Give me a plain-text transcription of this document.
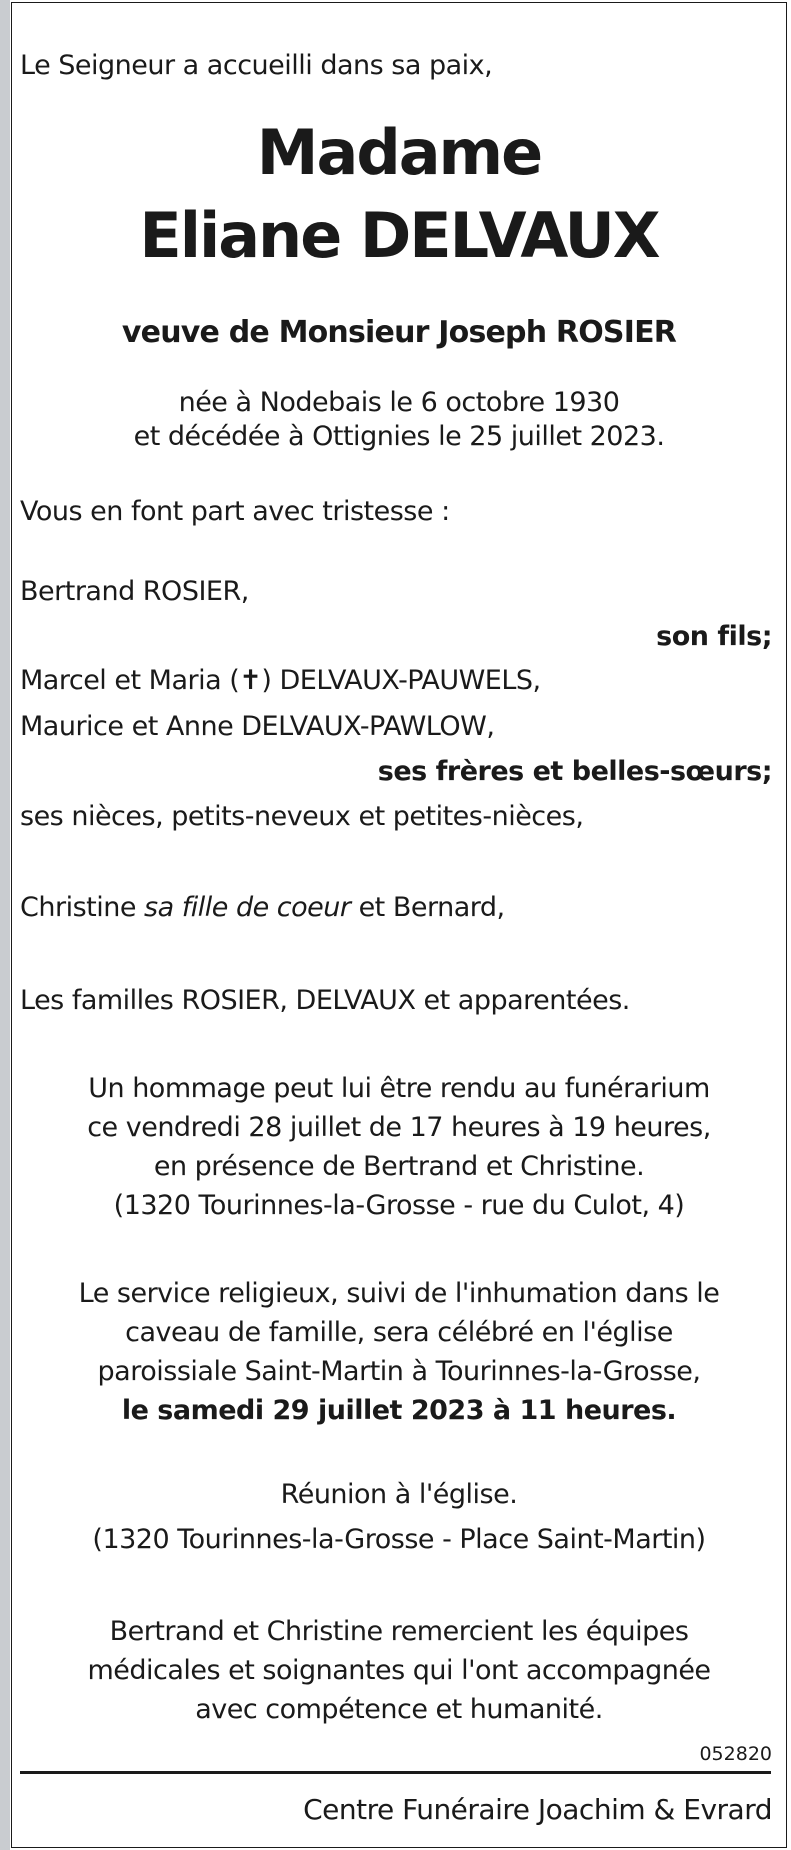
Le Seigneur a accueilli dans sa paix,
Madame
Eliane DELVAUX
veuve de Monsieur Joseph ROSIER
née à Nodebais le 6 octobre 1930
et décédée à Ottignies le 25 juillet 2023.
Vous en font part avec tristesse :
Bertrand ROSIER,
son fils;
Marcel et Maria (✝) DELVAUX-PAUWELS,
Maurice et Anne DELVAUX-PAWLOW,
ses frères et belles-sœurs;
ses nièces, petits-neveux et petites-nièces,
Christine sa fille de coeur et Bernard,
Les familles ROSIER, DELVAUX et apparentées.
Un hommage peut lui être rendu au funérarium
ce vendredi 28 juillet de 17 heures à 19 heures,
en présence de Bertrand et Christine.
(1320 Tourinnes-la-Grosse - rue du Culot, 4)
Le service religieux, suivi de l'inhumation dans le
caveau de famille, sera célébré en l'église
paroissiale Saint-Martin à Tourinnes-la-Grosse,
le samedi 29 juillet 2023 à 11 heures.
Réunion à l'église.
(1320 Tourinnes-la-Grosse - Place Saint-Martin)
Bertrand et Christine remercient les équipes
médicales et soignantes qui l'ont accompagnée
avec compétence et humanité.
052820
Centre Funéraire Joachim & Evrard
